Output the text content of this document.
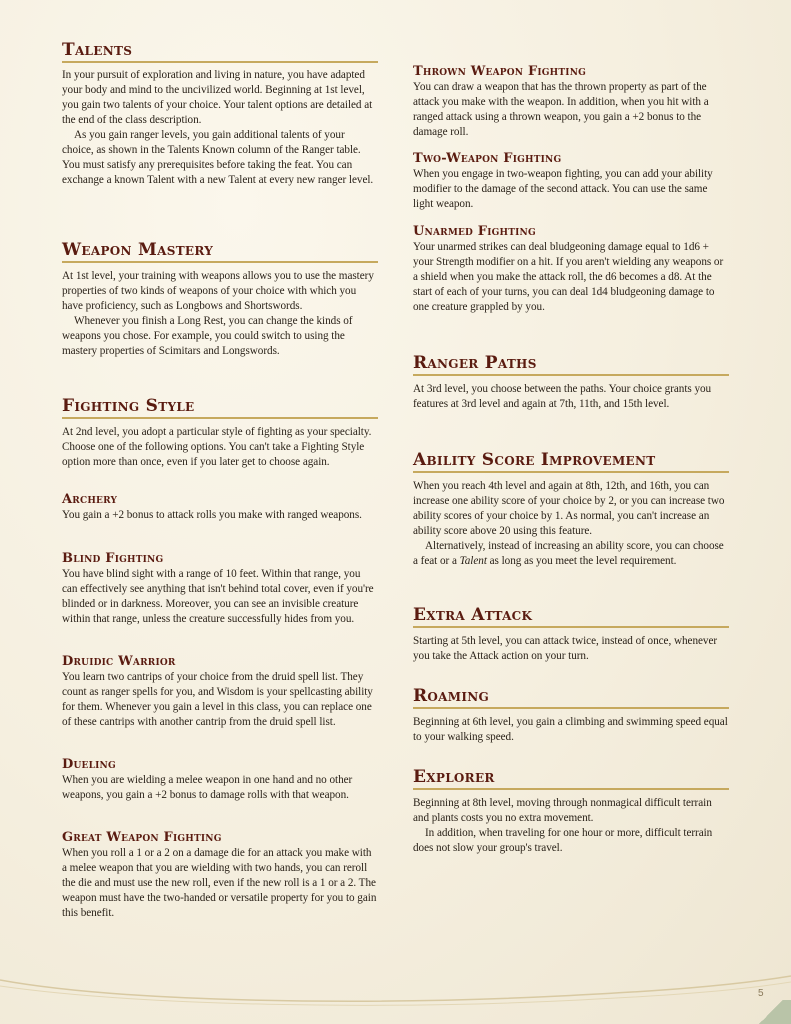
Talents

In your pursuit of exploration and living in nature, you have adapted your body and mind to the uncivilized world. Beginning at 1st level, you gain two talents of your choice. Your talent options are detailed at the end of the class description.

As you gain ranger levels, you gain additional talents of your choice, as shown in the Talents Known column of the Ranger table. You must satisfy any prerequisites before taking the feat. You can exchange a known Talent with a new Talent at every new ranger level.

Weapon Mastery

At 1st level, your training with weapons allows you to use the mastery properties of two kinds of weapons of your choice with which you have proficiency, such as Longbows and Shortswords.

Whenever you finish a Long Rest, you can change the kinds of weapons you chose. For example, you could switch to using the mastery properties of Scimitars and Longswords.

Fighting Style

At 2nd level, you adopt a particular style of fighting as your specialty. Choose one of the following options. You can't take a Fighting Style option more than once, even if you later get to choose again.

Archery

You gain a +2 bonus to attack rolls you make with ranged weapons.

Blind Fighting

You have blind sight with a range of 10 feet. Within that range, you can effectively see anything that isn't behind total cover, even if you're blinded or in darkness. Moreover, you can see an invisible creature within that range, unless the creature successfully hides from you.

Druidic Warrior

You learn two cantrips of your choice from the druid spell list. They count as ranger spells for you, and Wisdom is your spellcasting ability for them. Whenever you gain a level in this class, you can replace one of these cantrips with another cantrip from the druid spell list.

Dueling

When you are wielding a melee weapon in one hand and no other weapons, you gain a +2 bonus to damage rolls with that weapon.

Great Weapon Fighting

When you roll a 1 or a 2 on a damage die for an attack you make with a melee weapon that you are wielding with two hands, you can reroll the die and must use the new roll, even if the new roll is a 1 or a 2. The weapon must have the two-handed or versatile property for you to gain this benefit.

Thrown Weapon Fighting

You can draw a weapon that has the thrown property as part of the attack you make with the weapon. In addition, when you hit with a ranged attack using a thrown weapon, you gain a +2 bonus to the damage roll.

Two-Weapon Fighting

When you engage in two-weapon fighting, you can add your ability modifier to the damage of the second attack. You can use the same light weapon.

Unarmed Fighting

Your unarmed strikes can deal bludgeoning damage equal to 1d6 + your Strength modifier on a hit. If you aren't wielding any weapons or a shield when you make the attack roll, the d6 becomes a d8. At the start of each of your turns, you can deal 1d4 bludgeoning damage to one creature grappled by you.

Ranger Paths

At 3rd level, you choose between the paths. Your choice grants you features at 3rd level and again at 7th, 11th, and 15th level.

Ability Score Improvement

When you reach 4th level and again at 8th, 12th, and 16th, you can increase one ability score of your choice by 2, or you can increase two ability scores of your choice by 1. As normal, you can't increase an ability score above 20 using this feature.

Alternatively, instead of increasing an ability score, you can choose a feat or a Talent as long as you meet the level requirement.

Extra Attack

Starting at 5th level, you can attack twice, instead of once, whenever you take the Attack action on your turn.

Roaming

Beginning at 6th level, you gain a climbing and swimming speed equal to your walking speed.

Explorer

Beginning at 8th level, moving through nonmagical difficult terrain and plants costs you no extra movement.

In addition, when traveling for one hour or more, difficult terrain does not slow your group's travel.

5
